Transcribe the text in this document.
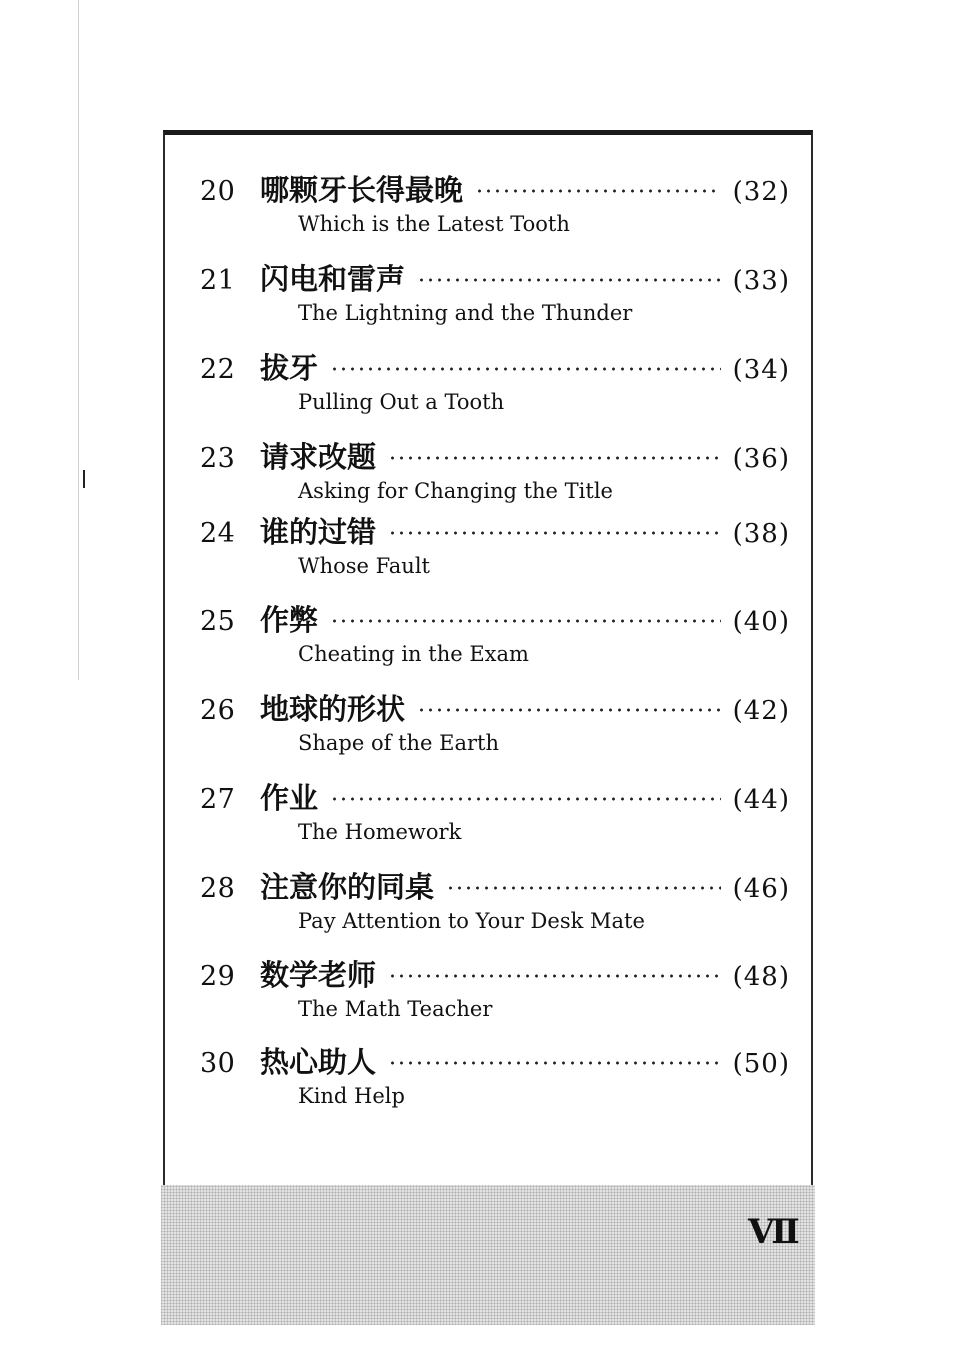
20 哪颗牙长得最晚	(32)
Which is the Latest Tooth
21 闪电和雷声	(33)
The Lightning and the Thunder
22 拔牙	(34)
Pulling Out a Tooth
23 请求改题	(36)
Asking for Changing the Title
24 谁的过错	(38)
Whose Fault
25 作弊	(40)
Cheating in the Exam
26 地球的形状	(42)
Shape of the Earth
27 作业	(44)
The Homework
28 注意你的同桌	(46)
Pay Attention to Your Desk Mate
29 数学老师	(48)
The Math Teacher
30 热心助人	(50)
Kind Help
Ⅶ
